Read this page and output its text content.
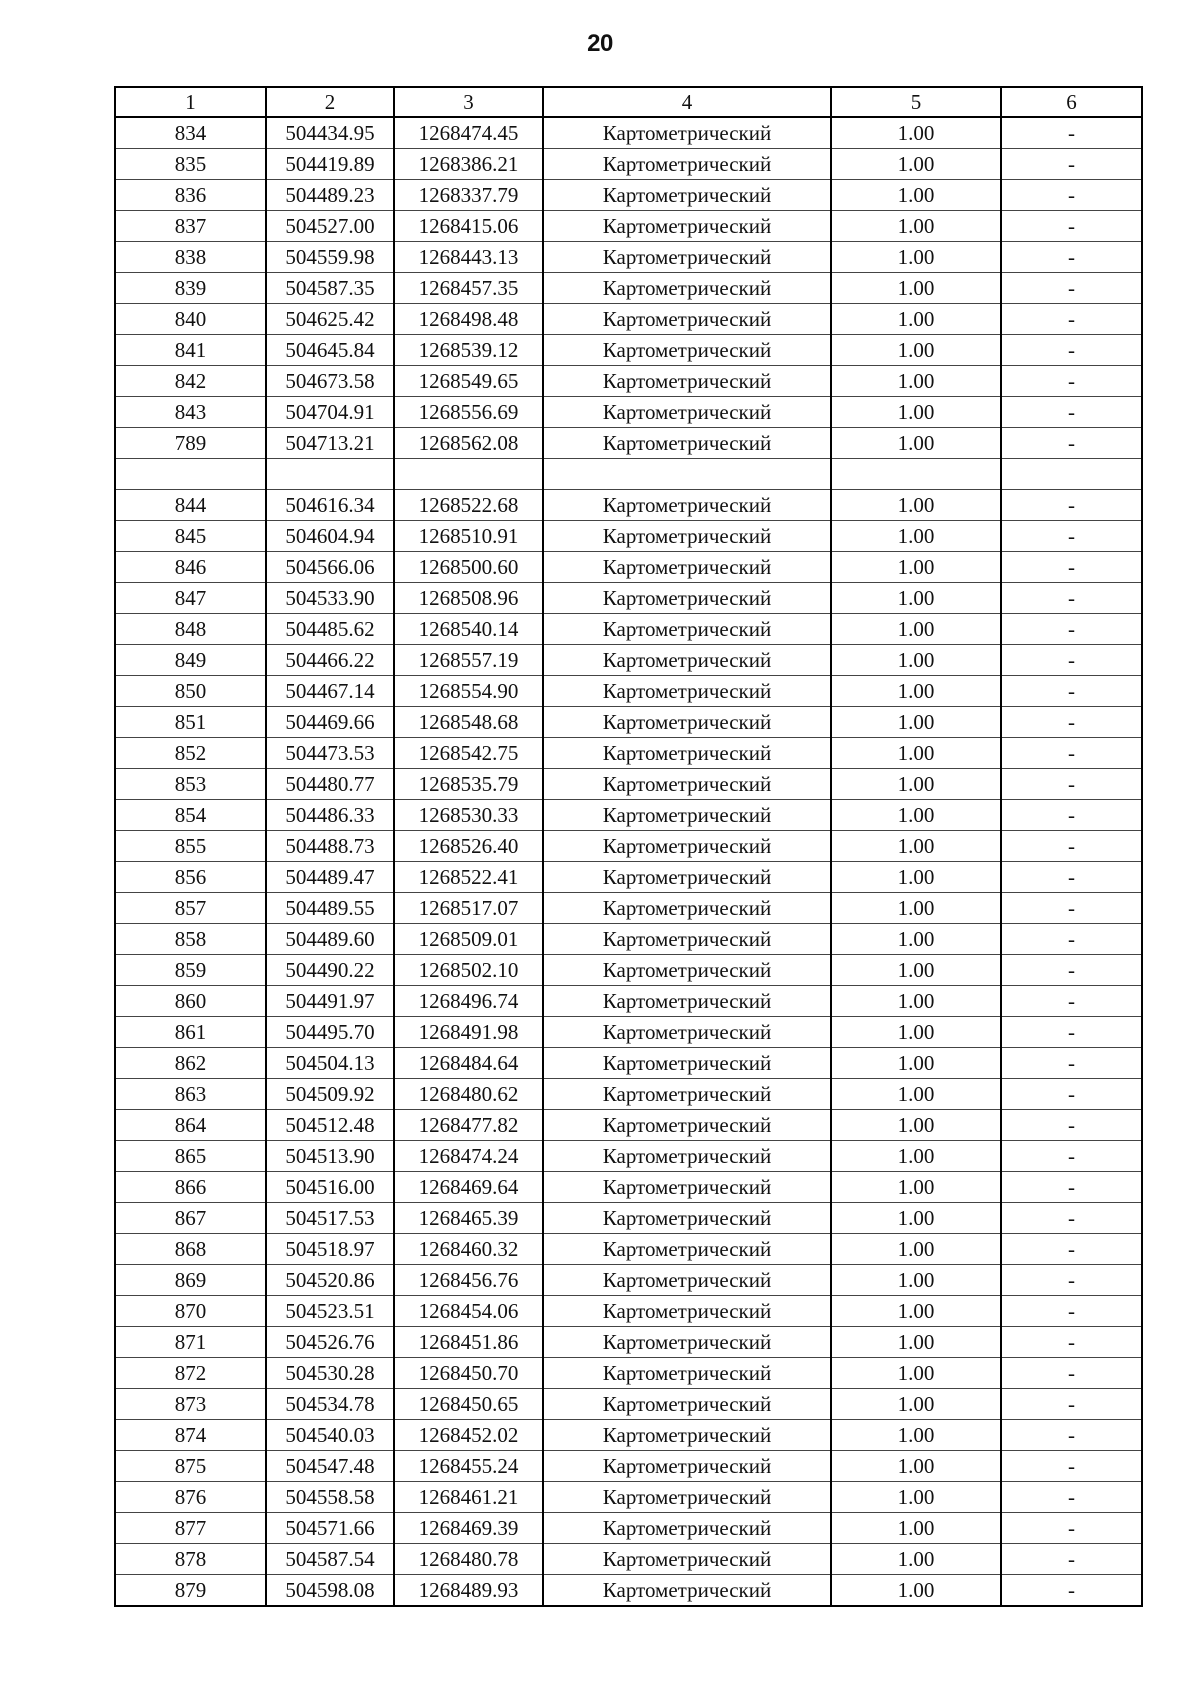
20
1	2	3	4	5	6
834	504434.95	1268474.45	Картометрический	1.00	-
835	504419.89	1268386.21	Картометрический	1.00	-
836	504489.23	1268337.79	Картометрический	1.00	-
837	504527.00	1268415.06	Картометрический	1.00	-
838	504559.98	1268443.13	Картометрический	1.00	-
839	504587.35	1268457.35	Картометрический	1.00	-
840	504625.42	1268498.48	Картометрический	1.00	-
841	504645.84	1268539.12	Картометрический	1.00	-
842	504673.58	1268549.65	Картометрический	1.00	-
843	504704.91	1268556.69	Картометрический	1.00	-
789	504713.21	1268562.08	Картометрический	1.00	-

844	504616.34	1268522.68	Картометрический	1.00	-
845	504604.94	1268510.91	Картометрический	1.00	-
846	504566.06	1268500.60	Картометрический	1.00	-
847	504533.90	1268508.96	Картометрический	1.00	-
848	504485.62	1268540.14	Картометрический	1.00	-
849	504466.22	1268557.19	Картометрический	1.00	-
850	504467.14	1268554.90	Картометрический	1.00	-
851	504469.66	1268548.68	Картометрический	1.00	-
852	504473.53	1268542.75	Картометрический	1.00	-
853	504480.77	1268535.79	Картометрический	1.00	-
854	504486.33	1268530.33	Картометрический	1.00	-
855	504488.73	1268526.40	Картометрический	1.00	-
856	504489.47	1268522.41	Картометрический	1.00	-
857	504489.55	1268517.07	Картометрический	1.00	-
858	504489.60	1268509.01	Картометрический	1.00	-
859	504490.22	1268502.10	Картометрический	1.00	-
860	504491.97	1268496.74	Картометрический	1.00	-
861	504495.70	1268491.98	Картометрический	1.00	-
862	504504.13	1268484.64	Картометрический	1.00	-
863	504509.92	1268480.62	Картометрический	1.00	-
864	504512.48	1268477.82	Картометрический	1.00	-
865	504513.90	1268474.24	Картометрический	1.00	-
866	504516.00	1268469.64	Картометрический	1.00	-
867	504517.53	1268465.39	Картометрический	1.00	-
868	504518.97	1268460.32	Картометрический	1.00	-
869	504520.86	1268456.76	Картометрический	1.00	-
870	504523.51	1268454.06	Картометрический	1.00	-
871	504526.76	1268451.86	Картометрический	1.00	-
872	504530.28	1268450.70	Картометрический	1.00	-
873	504534.78	1268450.65	Картометрический	1.00	-
874	504540.03	1268452.02	Картометрический	1.00	-
875	504547.48	1268455.24	Картометрический	1.00	-
876	504558.58	1268461.21	Картометрический	1.00	-
877	504571.66	1268469.39	Картометрический	1.00	-
878	504587.54	1268480.78	Картометрический	1.00	-
879	504598.08	1268489.93	Картометрический	1.00	-
